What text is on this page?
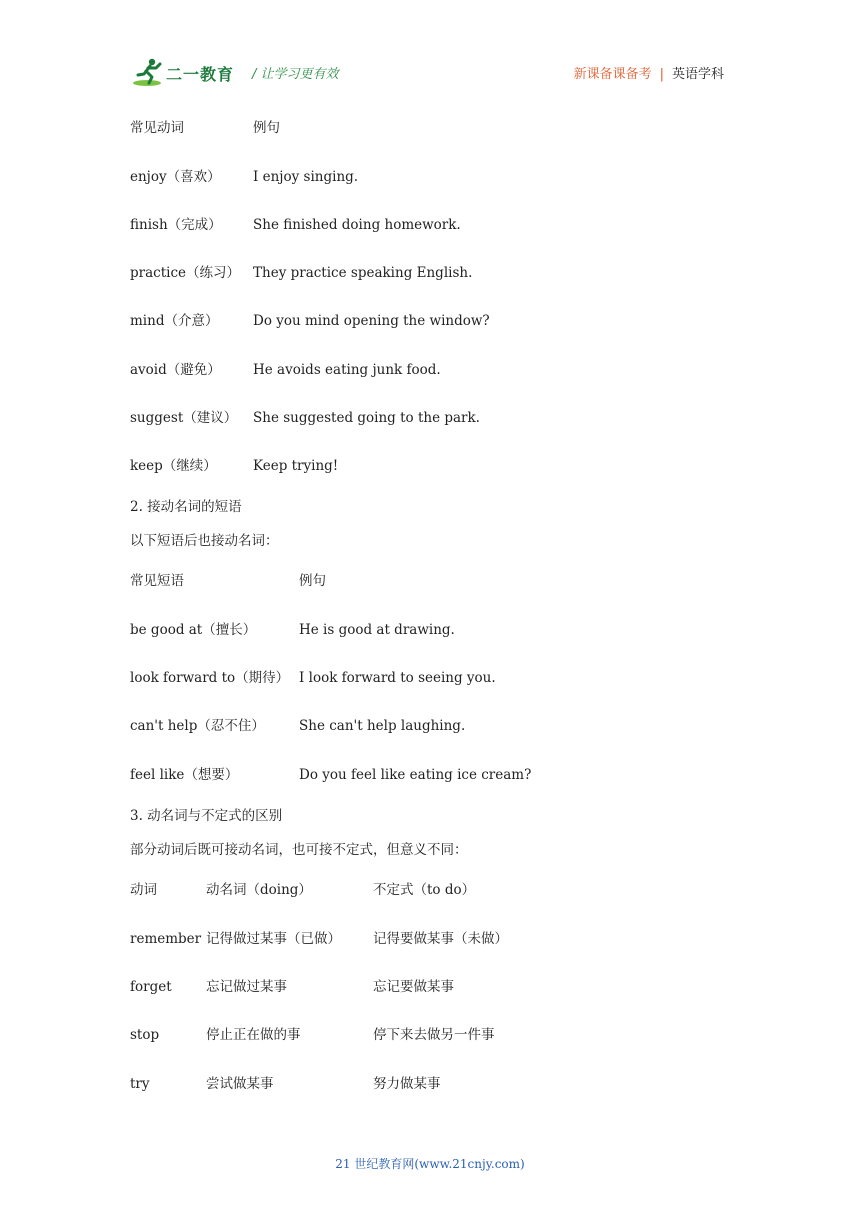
二一教育 / 让学习更有效	新课备课备考 | 英语学科
常见动词	例句
enjoy（喜欢） I enjoy singing.
finish（完成） She finished doing homework.
practice（练习） They practice speaking English.
mind（介意）	Do you mind opening the window?
avoid（避免） He avoids eating junk food.
suggest（建议） She suggested going to the park.
keep（继续）	Keep trying!
2. 接动名词的短语
以下短语后也接动名词：
常见短语	例句
be good at（擅长）	He is good at drawing.
look forward to（期待） I look forward to seeing you.
can't help（忍不住）	She can't help laughing.
feel like（想要）	Do you feel like eating ice cream?
3. 动名词与不定式的区别
部分动词后既可接动名词，也可接不定式，但意义不同：
动词	动名词（doing）	不定式（to do）
remember 记得做过某事（已做） 记得要做某事（未做）
forget	忘记做过某事	忘记要做某事
stop	停止正在做的事	停下来去做另一件事
try	尝试做某事	努力做某事
21 世纪教育网(www.21cnjy.com)
